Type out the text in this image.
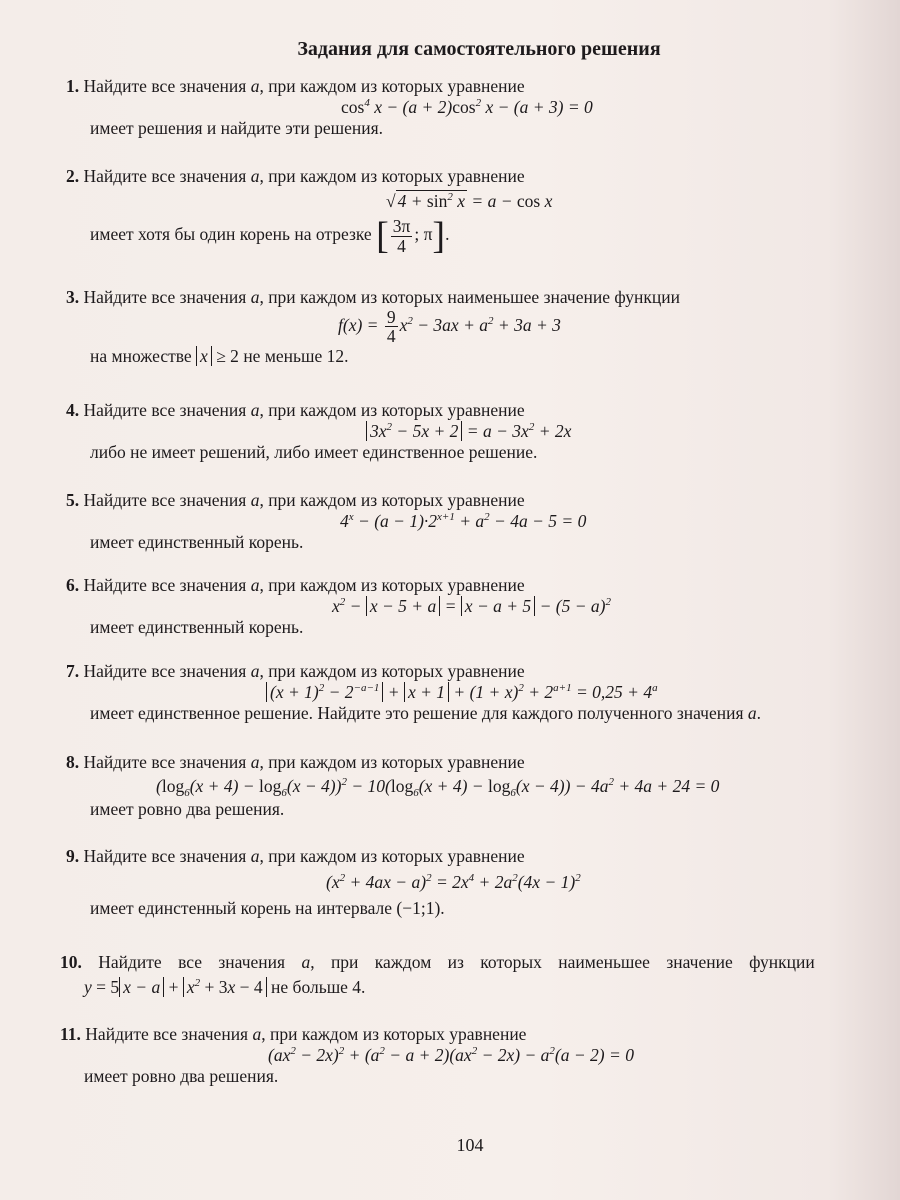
Задания для самостоятельного решения
1. Найдите все значения a, при каждом из которых уравнение
$\cos^4 x - (a + 2)\cos^2$ x − (a + 3) = 0
имеет решения и найдите эти решения.
2. Найдите все значения a, при каждом из которых уравнение
√ $4 + \sin^2 x = a - \cos x$
имеет хотя бы один корень на отрезке [ $\frac{3\pi}{4}$ ; π].
3. Найдите все значения a, при каждом из которых наименьшее значение функции
$f(x) = \frac{9}{4} x^2 - 3ax + a^2 + 3a + 3$
на множестве x ≥ 2 не меньше 12.
4. Найдите все значения a, при каждом из которых уравнение
$3x^2 - 5x + 2 = a - 3x^2 + 2x$
либо не имеет решений, либо имеет единственное решение.
5. Найдите все значения a, при каждом из которых уравнение
$4^x - (a - 1)\cdot 2^{x+1} + a^2 - 4a - 5 = 0$
имеет единственный корень.
6. Найдите все значения a, при каждом из которых уравнение
$x^2 - x - 5 + a = x - a + 5 - (5 - a)^2$
имеет единственный корень.
7. Найдите все значения a, при каждом из которых уравнение
$(x + 1)^2 - 2^{-a-1} + x + 1 + (1 + x)^2 + 2^{a+1} = 0,25 + 4^a$
имеет единственное решение. Найдите это решение для каждого полученного значения a.
8. Найдите все значения a, при каждом из которых уравнение
$(\log_6(x + 4) - \log_6(x - 4))^2 - 10(\log_6(x + 4) - \log_6(x - 4)) - 4a^2 + 4a + 24 = 0$
имеет ровно два решения.
9. Найдите все значения a, при каждом из которых уравнение
$(x^2 + 4ax - a)^2 = 2x^4 + 2a^2(4x - 1)^2$
имеет единстенный корень на интервале (−1;1).
10. Найдите все значения a, при каждом из которых наименьшее значение функции
y = 5 $x - a + x^2 + 3x - 4$ не больше 4.
11. Найдите все значения a, при каждом из которых уравнение
$(ax^2 - 2x)^2 + (a^2 - a + 2)(ax^2 - 2x) - a^2(a - 2) = 0$
имеет ровно два решения.
104
